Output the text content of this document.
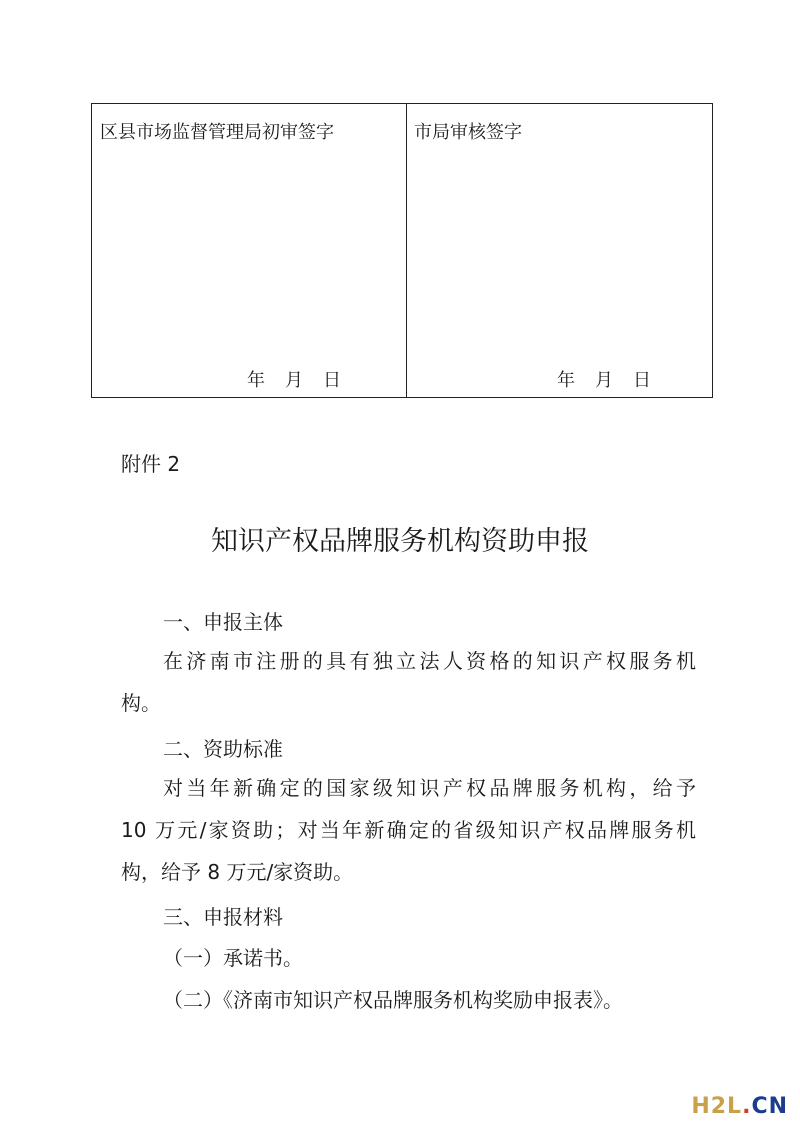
区县市场监督管理局初审签字
年 月 日
市局审核签字
年 月 日
附件 2
知识产权品牌服务机构资助申报
一、申报主体
在济南市注册的具有独立法人资格的知识产权服务机
构。
二、资助标准
对当年新确定的国家级知识产权品牌服务机构，给予
10 万元/家资助；对当年新确定的省级知识产权品牌服务机
构，给予 8 万元/家资助。
三、申报材料
（一）承诺书。
（二）《济南市知识产权品牌服务机构奖励申报表》。
H2L.CN
